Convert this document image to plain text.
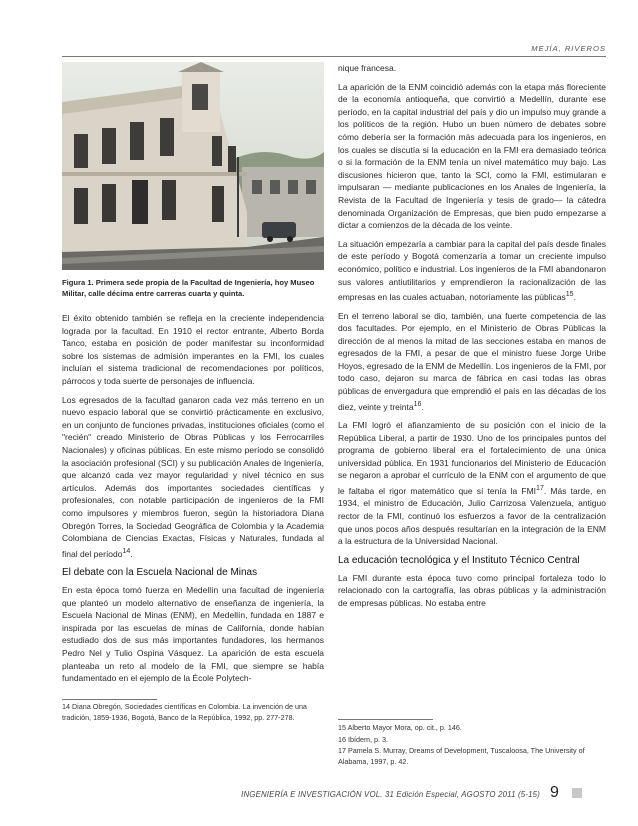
MEJÍA, RIVEROS
Figura 1. Primera sede propia de la Facultad de Ingeniería, hoy Museo Militar, calle décima entre carreras cuarta y quinta.

El éxito obtenido también se refleja en la creciente independencia lograda por la facultad. En 1910 el rector entrante, Alberto Borda Tanco, estaba en posición de poder manifestar su inconformidad sobre los sistemas de admisión imperantes en la FMI, los cuales incluían el sistema tradicional de recomendaciones por políticos, párrocos y toda suerte de personajes de influencia.

Los egresados de la facultad ganaron cada vez más terreno en un nuevo espacio laboral que se convirtió prácticamente en exclusivo, en un conjunto de funciones privadas, instituciones oficiales (como el "recién" creado Ministerio de Obras Públicas y los Ferrocarriles Nacionales) y oficinas públicas. En este mismo período se consolidó la asociación profesional (SCI) y su publicación Anales de Ingeniería, que alcanzó cada vez mayor regularidad y nivel técnico en sus artículos. Además dos importantes sociedades científicas y profesionales, con notable participación de ingenieros de la FMI como impulsores y miembros fueron, según la historiadora Diana Obregón Torres, la Sociedad Geográfica de Colombia y la Academia Colombiana de Ciencias Exactas, Físicas y Naturales, fundada al final del período$^{14}$.

El debate con la Escuela Nacional de Minas

En esta época tomó fuerza en Medellín una facultad de ingeniería que planteó un modelo alternativo de enseñanza de ingeniería, la Escuela Nacional de Minas (ENM), en Medellín, fundada en 1887 e inspirada por las escuelas de minas de California, donde habían estudiado dos de sus más importantes fundadores, los hermanos Pedro Nel y Tulio Ospina Vásquez. La aparición de esta escuela planteaba un reto al modelo de la FMI, que siempre se había fundamentado en el ejemplo de la École Polytech-

14 Diana Obregón, Sociedades científicas en Colombia. La invención de una tradición, 1859-1936, Bogotá, Banco de la República, 1992, pp. 277-278.

nique francesa.

La aparición de la ENM coincidió además con la etapa más floreciente de la economía antioqueña, que convirtió a Medellín, durante ese período, en la capital industrial del país y dio un impulso muy grande a los políticos de la región. Hubo un buen número de debates sobre cómo debería ser la formación más adecuada para los ingenieros, en los cuales se discutía si la educación en la FMI era demasiado teórica o si la formación de la ENM tenía un nivel matemático muy bajo. Las discusiones hicieron que, tanto la SCI, como la FMI, estimularan e impulsaran — mediante publicaciones en los Anales de Ingeniería, la Revista de la Facultad de Ingeniería y tesis de grado— la cátedra denominada Organización de Empresas, que bien pudo empezarse a dictar a comienzos de la década de los veinte.

La situación empezaría a cambiar para la capital del país desde finales de este período y Bogotá comenzaría a tomar un creciente impulso económico, político e industrial. Los ingenieros de la FMI abandonaron sus valores antiutilitarios y emprendieron la racionalización de las empresas en las cuales actuaban, notoriamente las públicas$^{15}$.

En el terreno laboral se dio, también, una fuerte competencia de las dos facultades. Por ejemplo, en el Ministerio de Obras Públicas la dirección de al menos la mitad de las secciones estaba en manos de egresados de la FMI, a pesar de que el ministro fuese Jorge Uribe Hoyos, egresado de la ENM de Medellín. Los ingenieros de la FMI, por todo caso, dejaron su marca de fábrica en casi todas las obras públicas de envergadura que emprendió el país en las décadas de los diez, veinte y treinta$^{16}$.

La FMI logró el afianzamiento de su posición con el inicio de la República Liberal, a partir de 1930. Uno de los principales puntos del programa de gobierno liberal era el fortalecimiento de una única universidad pública. En 1931 funcionarios del Ministerio de Educación se negaron a aprobar el currículo de la ENM con el argumento de que le faltaba el rigor matemático que sí tenía la FMI$^{17}$. Más tarde, en 1934, el ministro de Educación, Julio Carrizosa Valenzuela, antiguo rector de la FMI, continuó los esfuerzos a favor de la centralización que unos pocos años después resultarían en la integración de la ENM a la estructura de la Universidad Nacional.

La educación tecnológica y el Instituto Técnico Central

La FMI durante esta época tuvo como principal fortaleza todo lo relacionado con la cartografía, las obras públicas y la administración de empresas públicas. No estaba entre

15 Alberto Mayor Mora, op. cit., p. 146.

16 Ibídem, p. 3.

17 Pamela S. Murray, Dreams of Development, Tuscaloosa, The University of Alabama, 1997, p. 42.

INGENIERÍA E INVESTIGACIÓN VOL. 31 Edición Especial, AGOSTO 2011 (5-15) 9
